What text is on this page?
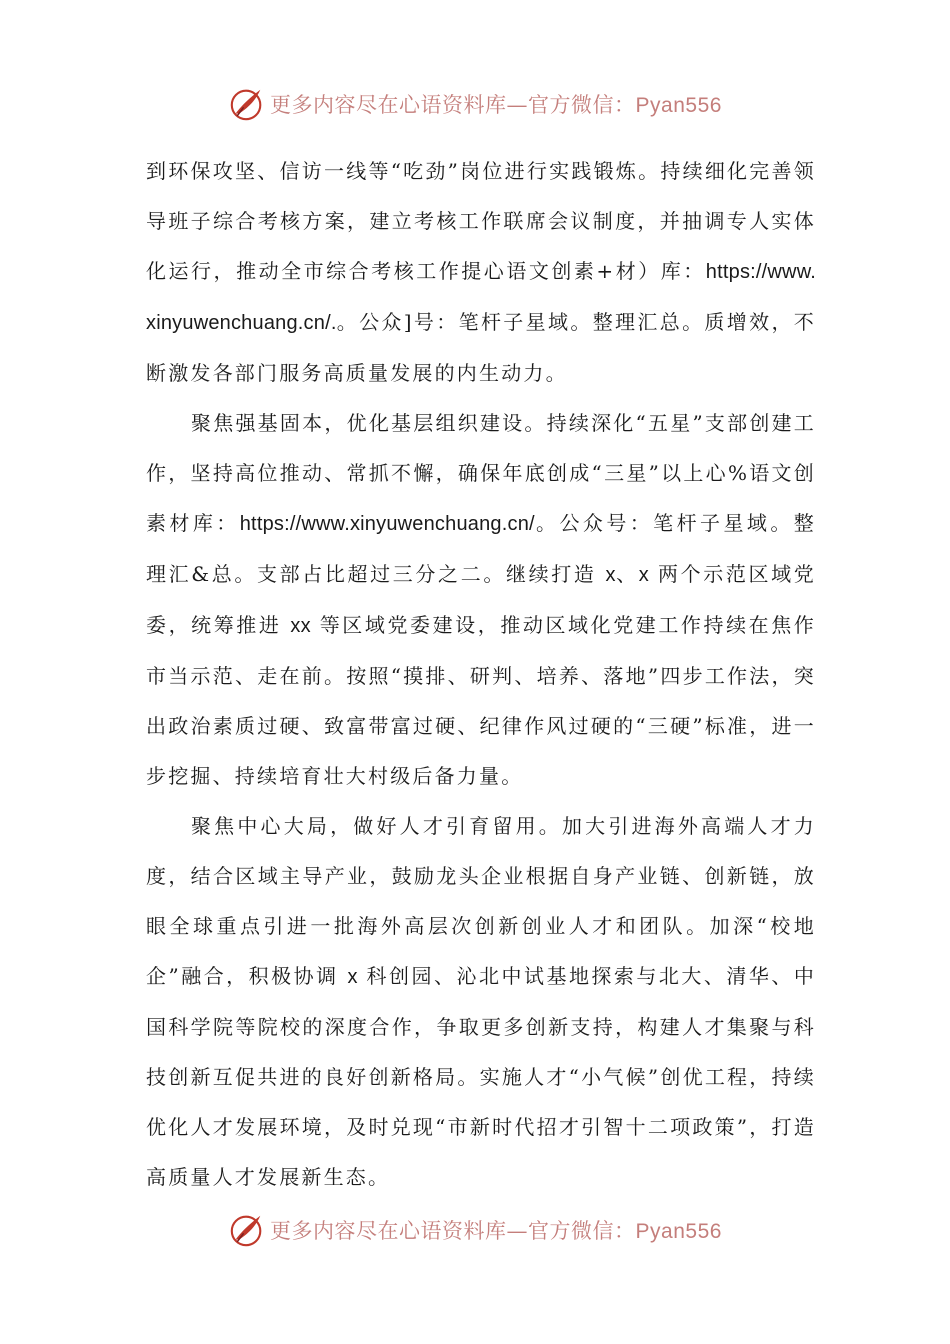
更多内容尽在心语资料库—官方微信：Pyan556

到环保攻坚、信访一线等“吃劲”岗位进行实践锻炼。持续细化完善领导班子综合考核方案，建立考核工作联席会议制度，并抽调专人实体化运行，推动全市综合考核工作提心语文创素+材）库：https://www.xinyuwenchuang.cn/.。公众]号：笔杆子星域。整理汇总。质增效，不断激发各部门服务高质量发展的内生动力。

聚焦强基固本，优化基层组织建设。持续深化“五星”支部创建工作，坚持高位推动、常抓不懈，确保年底创成“三星”以上心%语文创素材库：https://www.xinyuwenchuang.cn/。公众号：笔杆子星域。整理汇&总。支部占比超过三分之二。继续打造 x、x 两个示范区域党委，统筹推进 xx 等区域党委建设，推动区域化党建工作持续在焦作市当示范、走在前。按照“摸排、研判、培养、落地”四步工作法，突出政治素质过硬、致富带富过硬、纪律作风过硬的“三硬”标准，进一步挖掘、持续培育壮大村级后备力量。

聚焦中心大局，做好人才引育留用。加大引进海外高端人才力度，结合区域主导产业，鼓励龙头企业根据自身产业链、创新链，放眼全球重点引进一批海外高层次创新创业人才和团队。加深“校地企”融合，积极协调 x 科创园、沁北中试基地探索与北大、清华、中国科学院等院校的深度合作，争取更多创新支持，构建人才集聚与科技创新互促共进的良好创新格局。实施人才“小气候”创优工程，持续优化人才发展环境，及时兑现“市新时代招才引智十二项政策”，打造高质量人才发展新生态。

更多内容尽在心语资料库—官方微信：Pyan556
